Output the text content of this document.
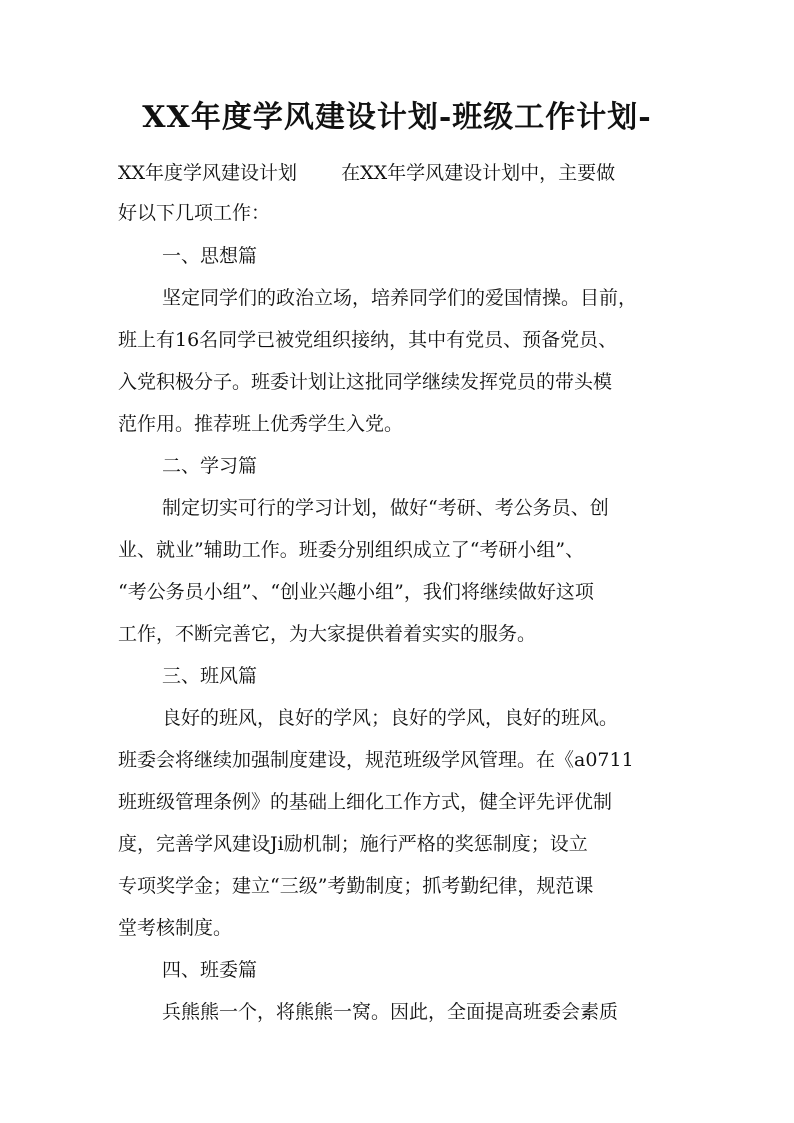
XX年度学风建设计划-班级工作计划-
XX年度学风建设计划　　 在XX年学风建设计划中，主要做
好以下几项工作：
一、思想篇
坚定同学们的政治立场，培养同学们的爱国情操。目前，
班上有16名同学已被党组织接纳，其中有党员、预备党员、
入党积极分子。班委计划让这批同学继续发挥党员的带头模
范作用。推荐班上优秀学生入党。
二、学习篇
制定切实可行的学习计划，做好“考研、考公务员、创
业、就业”辅助工作。班委分别组织成立了“考研小组”、
“考公务员小组”、“创业兴趣小组”，我们将继续做好这项
工作，不断完善它，为大家提供着着实实的服务。
三、班风篇
良好的班风，良好的学风；良好的学风，良好的班风。
班委会将继续加强制度建设，规范班级学风管理。在《a0711
班班级管理条例》的基础上细化工作方式，健全评先评优制
度，完善学风建设Ji励机制；施行严格的奖惩制度；设立
专项奖学金；建立“三级”考勤制度；抓考勤纪律，规范课
堂考核制度。
四、班委篇
兵熊熊一个，将熊熊一窝。因此，全面提高班委会素质
